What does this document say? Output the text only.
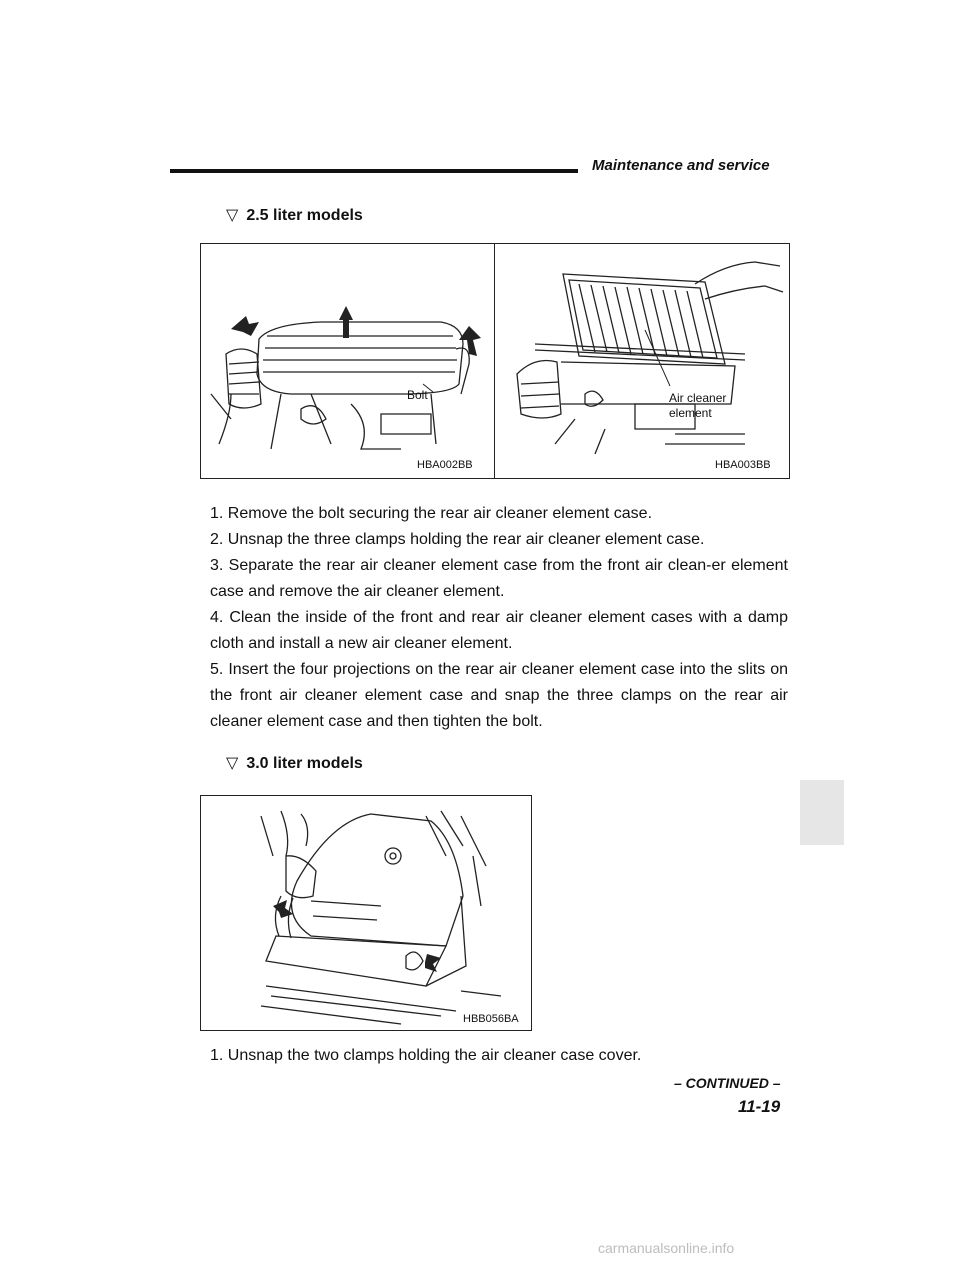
Maintenance and service
▽ 2.5 liter models
Bolt
HBA002BB
Air cleaner
element
HBA003BB

1. Remove the bolt securing the rear air cleaner element case.

2. Unsnap the three clamps holding the rear air cleaner element case.

3. Separate the rear air cleaner element case from the front air clean-er element case and remove the air cleaner element.

4. Clean the inside of the front and rear air cleaner element cases with a damp cloth and install a new air cleaner element.

5. Insert the four projections on the rear air cleaner element case into the slits on the front air cleaner element case and snap the three clamps on the rear air cleaner element case and then tighten the bolt.

▽ 3.0 liter models
HBB056BA

1. Unsnap the two clamps holding the air cleaner case cover.

– CONTINUED –
11-19
carmanualsonline.info
